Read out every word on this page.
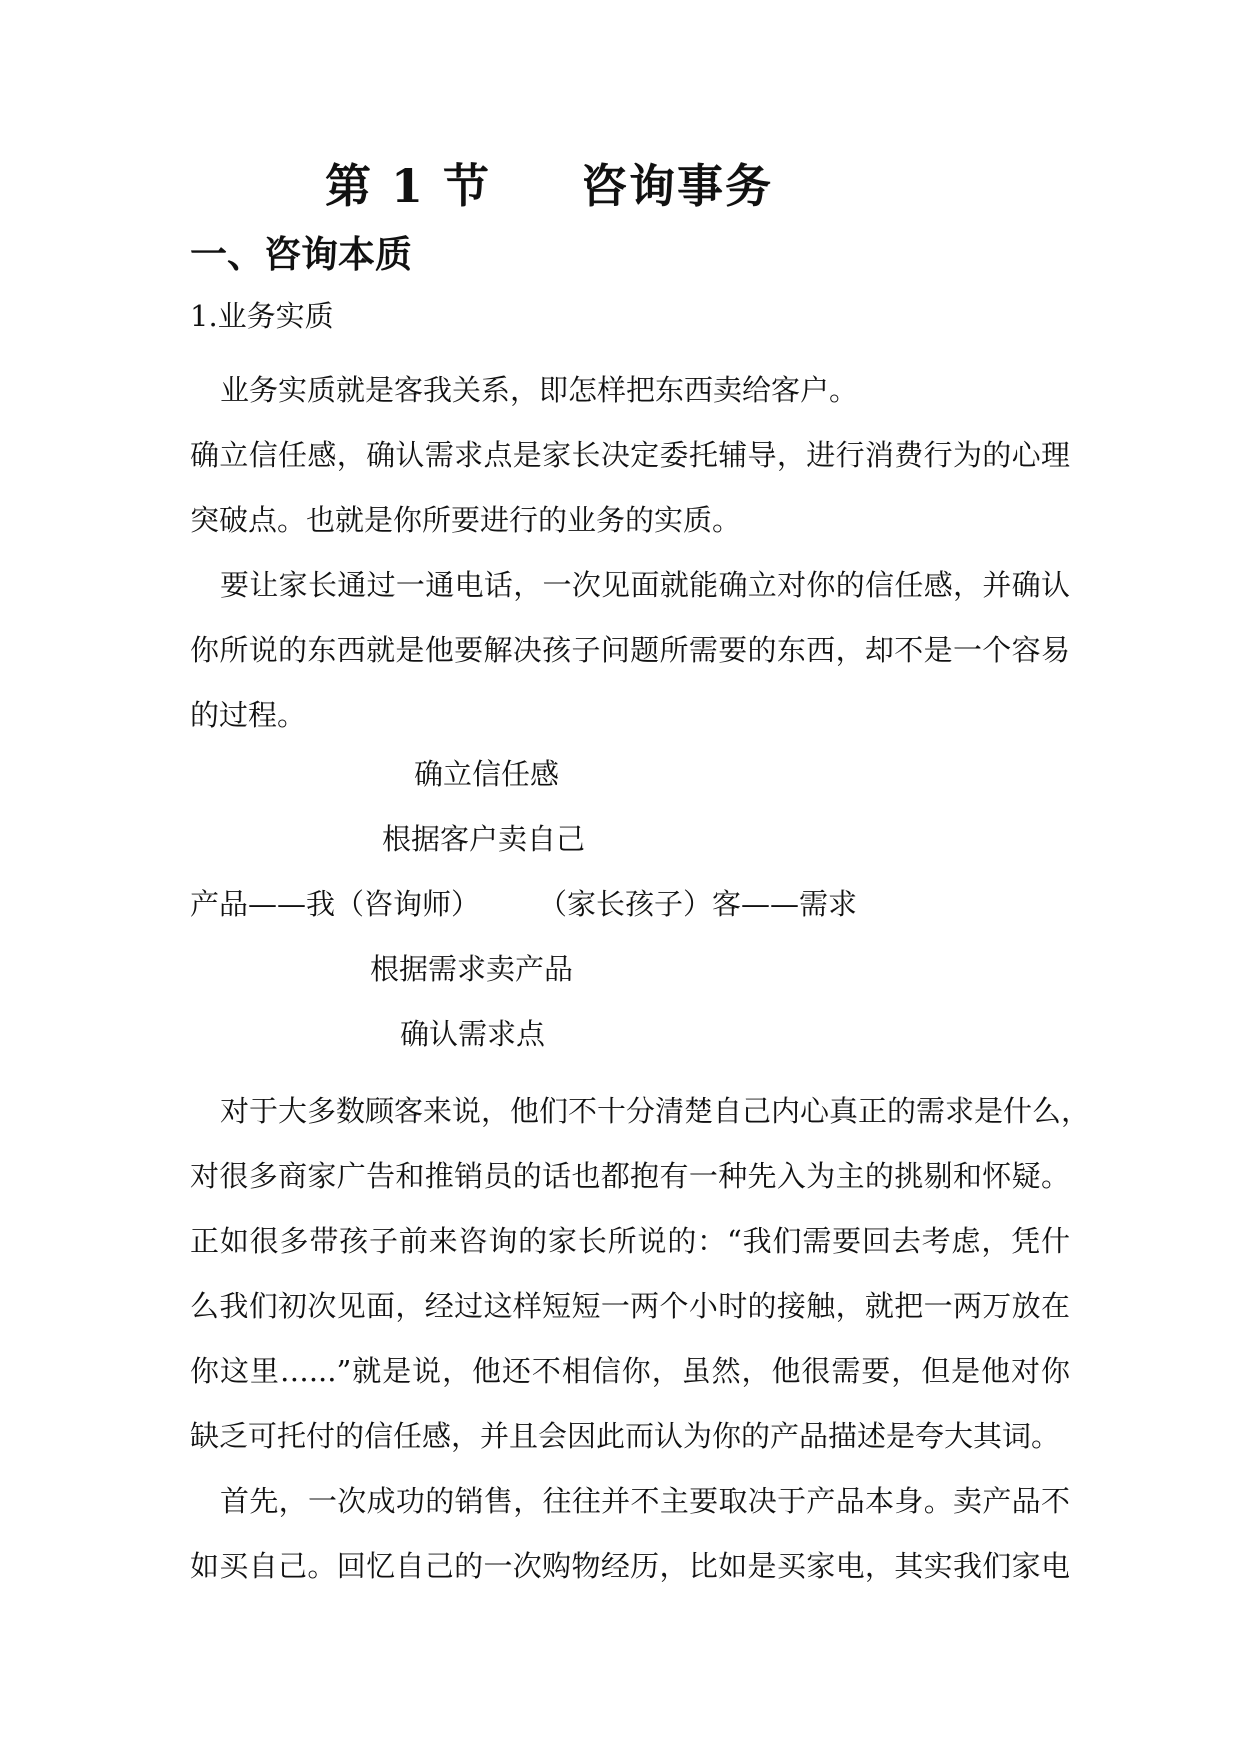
第 1 节 咨询事务
一、咨询本质
1.业务实质
业务实质就是客我关系，即怎样把东西卖给客户。
确立信任感，确认需求点是家长决定委托辅导，进行消费行为的心理
突破点。也就是你所要进行的业务的实质。
要让家长通过一通电话，一次见面就能确立对你的信任感，并确认
你所说的东西就是他要解决孩子问题所需要的东西，却不是一个容易
的过程。
确立信任感
根据客户卖自己
产品——我（咨询师） （家长孩子）客——需求
根据需求卖产品
确认需求点
对于大多数顾客来说，他们不十分清楚自己内心真正的需求是什么，
对很多商家广告和推销员的话也都抱有一种先入为主的挑剔和怀疑。
正如很多带孩子前来咨询的家长所说的：“我们需要回去考虑，凭什
么我们初次见面，经过这样短短一两个小时的接触，就把一两万放在
你这里…...”就是说，他还不相信你，虽然，他很需要，但是他对你
缺乏可托付的信任感，并且会因此而认为你的产品描述是夸大其词。
首先，一次成功的销售，往往并不主要取决于产品本身。卖产品不
如买自己。回忆自己的一次购物经历，比如是买家电，其实我们家电
